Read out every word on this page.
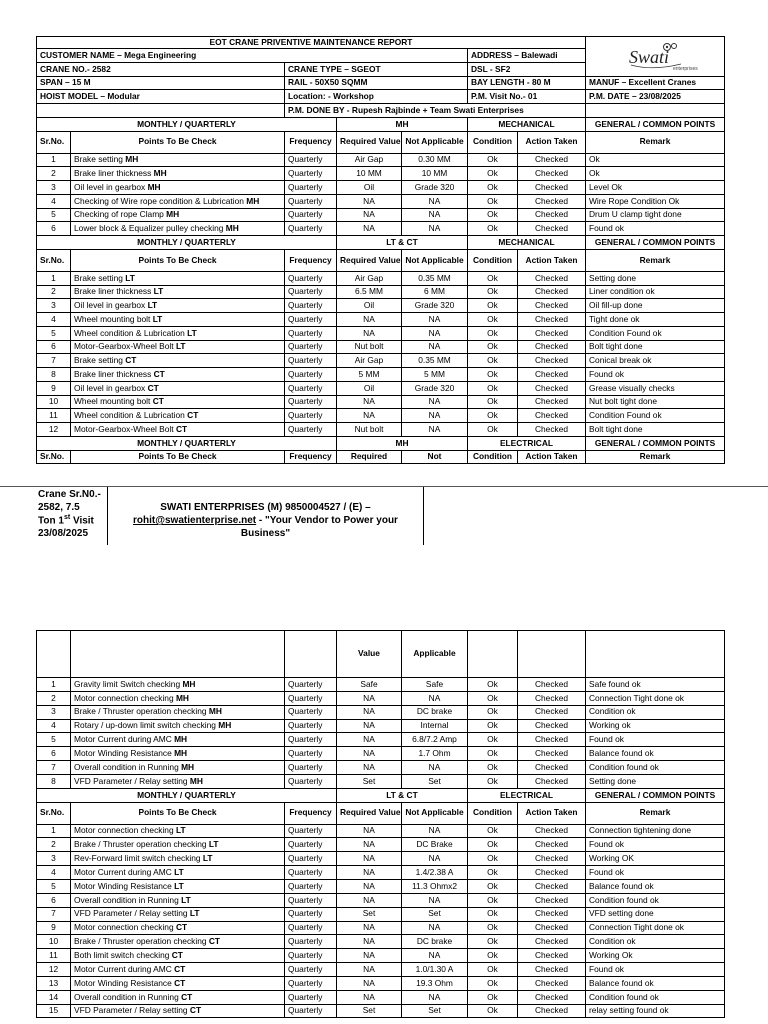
EOT CRANE PRIVENTIVE MAINTENANCE REPORT							Swati
enterprises

CUSTOMER NAME – Mega Engineering					ADDRESS – Balewadi		
CRANE NO.- 2582		CRANE TYPE – SGEOT			DSL - SF2		
SPAN – 15 M		RAIL - 50X50 SQMM			BAY LENGTH - 80 M		MANUF – Excellent Cranes
HOIST MODEL – Modular		Location: - Workshop			P.M. Visit No.- 01		P.M. DATE – 23/08/2025
		P.M. DONE BY - Rupesh Rajbinde + Team Swati Enterprises					
MONTHLY / QUARTERLY			MH		MECHANICAL		GENERAL / COMMON POINTS
Sr.No.	Points To Be Check	Frequency	Required Value	Not Applicable	Condition	Action Taken	Remark
1	Brake setting MH	Quarterly	Air Gap	0.30 MM	Ok	Checked	Ok
2	Brake liner thickness MH	Quarterly	10 MM	10 MM	Ok	Checked	Ok
3	Oil level in gearbox MH	Quarterly	Oil	Grade 320	Ok	Checked	Level Ok
4	Checking of Wire rope condition & Lubrication MH	Quarterly	NA	NA	Ok	Checked	Wire Rope Condition Ok
5	Checking of rope Clamp MH	Quarterly	NA	NA	Ok	Checked	Drum U clamp tight done
6	Lower block & Equalizer pulley checking MH	Quarterly	NA	NA	Ok	Checked	Found ok
MONTHLY / QUARTERLY			LT & CT		MECHANICAL		GENERAL / COMMON POINTS
Sr.No.	Points To Be Check	Frequency	Required Value	Not Applicable	Condition	Action Taken	Remark
1	Brake setting LT	Quarterly	Air Gap	0.35 MM	Ok	Checked	Setting done
2	Brake liner thickness LT	Quarterly	6.5 MM	6 MM	Ok	Checked	Liner condition ok
3	Oil level in gearbox LT	Quarterly	Oil	Grade 320	Ok	Checked	Oil fill-up done
4	Wheel mounting bolt LT	Quarterly	NA	NA	Ok	Checked	Tight done ok
5	Wheel condition & Lubrication LT	Quarterly	NA	NA	Ok	Checked	Condition Found ok
6	Motor-Gearbox-Wheel Bolt LT	Quarterly	Nut bolt	NA	Ok	Checked	Bolt tight done
7	Brake setting CT	Quarterly	Air Gap	0.35 MM	Ok	Checked	Conical break ok
8	Brake liner thickness CT	Quarterly	5 MM	5 MM	Ok	Checked	Found ok
9	Oil level in gearbox CT	Quarterly	Oil	Grade 320	Ok	Checked	Grease visually checks
10	Wheel mounting bolt CT	Quarterly	NA	NA	Ok	Checked	Nut bolt tight done
11	Wheel condition & Lubrication CT	Quarterly	NA	NA	Ok	Checked	Condition Found ok
12	Motor-Gearbox-Wheel Bolt CT	Quarterly	Nut bolt	NA	Ok	Checked	Bolt tight done
MONTHLY / QUARTERLY			MH		ELECTRICAL		GENERAL / COMMON POINTS
Sr.No.	Points To Be Check	Frequency	Required	Not	Condition	Action Taken	Remark
Crane Sr.N0.-
2582, 7.5
Ton 1st Visit
23/08/2025
SWATI ENTERPRISES (M) 9850004527 / (E) –
rohit@swatienterprise.net - "Your Vendor to Power your Business"
			Value	Applicable			
1	Gravity limit Switch checking MH	Quarterly	Safe	Safe	Ok	Checked	Safe found ok
2	Motor connection checking MH	Quarterly	NA	NA	Ok	Checked	Connection Tight done ok
3	Brake / Thruster operation checking MH	Quarterly	NA	DC brake	Ok	Checked	Condition ok
4	Rotary / up-down limit switch checking MH	Quarterly	NA	Internal	Ok	Checked	Working ok
5	Motor Current during AMC MH	Quarterly	NA	6.8/7.2 Amp	Ok	Checked	Found ok
6	Motor Winding Resistance MH	Quarterly	NA	1.7 Ohm	Ok	Checked	Balance found ok
7	Overall condition in Running MH	Quarterly	NA	NA	Ok	Checked	Condition found ok
8	VFD Parameter / Relay setting MH	Quarterly	Set	Set	Ok	Checked	Setting done
MONTHLY / QUARTERLY			LT & CT		ELECTRICAL		GENERAL / COMMON POINTS
Sr.No.	Points To Be Check	Frequency	Required Value	Not Applicable	Condition	Action Taken	Remark
1	Motor connection checking LT	Quarterly	NA	NA	Ok	Checked	Connection tightening done
2	Brake / Thruster operation checking LT	Quarterly	NA	DC Brake	Ok	Checked	Found ok
3	Rev-Forward limit switch checking LT	Quarterly	NA	NA	Ok	Checked	Working OK
4	Motor Current during AMC LT	Quarterly	NA	1.4/2.38 A	Ok	Checked	Found ok
5	Motor Winding Resistance LT	Quarterly	NA	11.3 Ohmx2	Ok	Checked	Balance found ok
6	Overall condition in Running LT	Quarterly	NA	NA	Ok	Checked	Condition found ok
7	VFD Parameter / Relay setting LT	Quarterly	Set	Set	Ok	Checked	VFD setting done
9	Motor connection checking CT	Quarterly	NA	NA	Ok	Checked	Connection Tight done ok
10	Brake / Thruster operation checking CT	Quarterly	NA	DC brake	Ok	Checked	Condition ok
11	Both limit switch checking CT	Quarterly	NA	NA	Ok	Checked	Working Ok
12	Motor Current during AMC CT	Quarterly	NA	1.0/1.30 A	Ok	Checked	Found ok
13	Motor Winding Resistance CT	Quarterly	NA	19.3 Ohm	Ok	Checked	Balance found ok
14	Overall condition in Running CT	Quarterly	NA	NA	Ok	Checked	Condition found ok
15	VFD Parameter / Relay setting CT	Quarterly	Set	Set	Ok	Checked	relay setting found ok
